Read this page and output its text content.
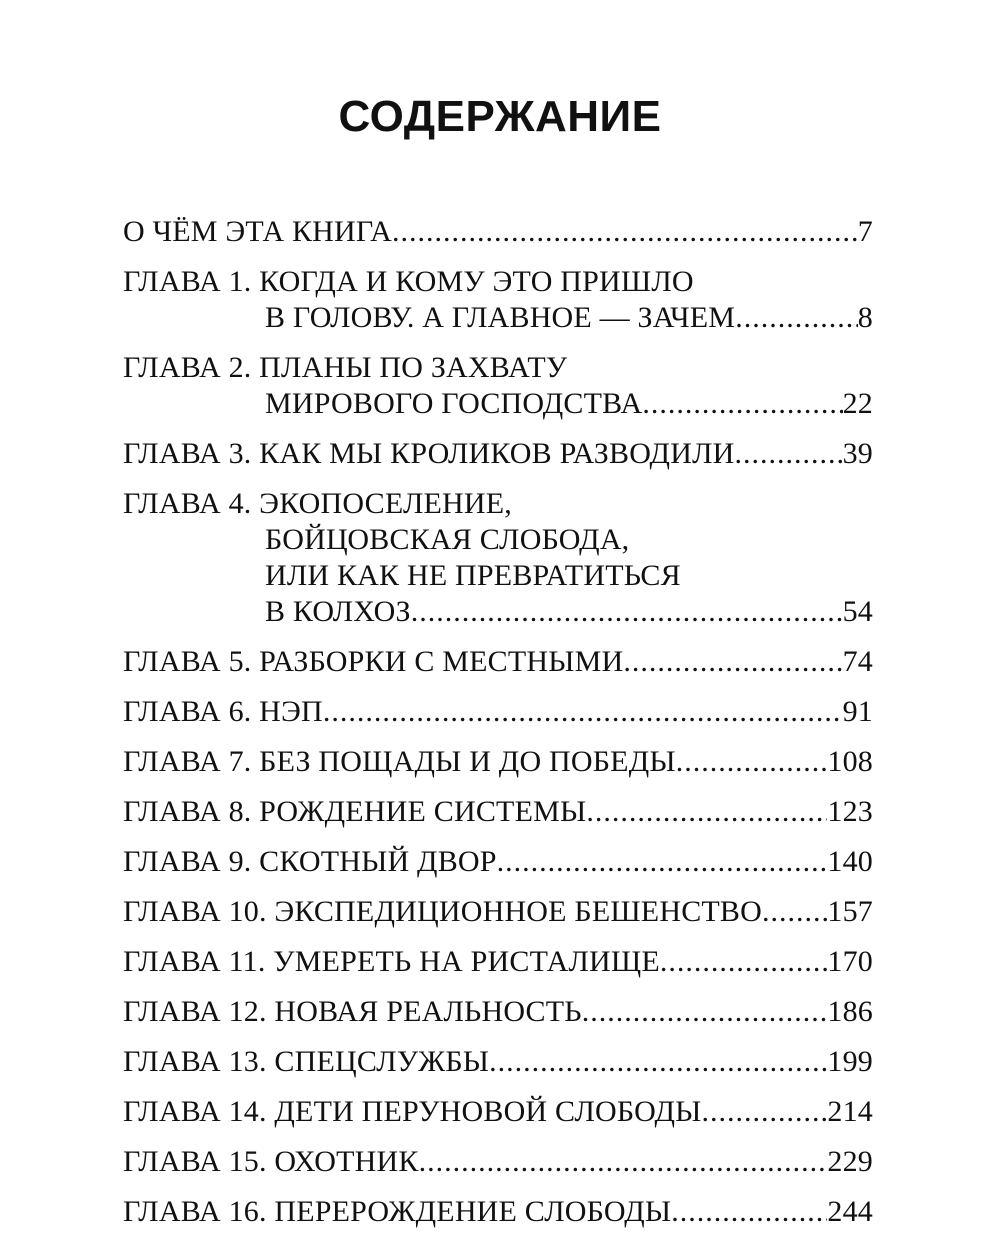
СОДЕРЖАНИЕ
О ЧЁМ ЭТА КНИГА .....	7
ГЛАВА 1. КОГДА И КОМУ ЭТО ПРИШЛО
В ГОЛОВУ. А ГЛАВНОЕ — ЗАЧЕМ .....	8
ГЛАВА 2. ПЛАНЫ ПО ЗАХВАТУ
МИРОВОГО ГОСПОДСТВА .....	22
ГЛАВА 3. КАК МЫ КРОЛИКОВ РАЗВОДИЛИ .....	39
ГЛАВА 4. ЭКОПОСЕЛЕНИЕ,
БОЙЦОВСКАЯ СЛОБОДА,
ИЛИ КАК НЕ ПРЕВРАТИТЬСЯ
В КОЛХОЗ .....	54
ГЛАВА 5. РАЗБОРКИ С МЕСТНЫМИ .....	74
ГЛАВА 6. НЭП .....	91
ГЛАВА 7. БЕЗ ПОЩАДЫ И ДО ПОБЕДЫ .....	108
ГЛАВА 8. РОЖДЕНИЕ СИСТЕМЫ .....	123
ГЛАВА 9. СКОТНЫЙ ДВОР .....	140
ГЛАВА 10. ЭКСПЕДИЦИОННОЕ БЕШЕНСТВО ..... 157
ГЛАВА 11. УМЕРЕТЬ НА РИСТАЛИЩЕ .....	170
ГЛАВА 12. НОВАЯ РЕАЛЬНОСТЬ .....	186
ГЛАВА 13. СПЕЦСЛУЖБЫ .....	199
ГЛАВА 14. ДЕТИ ПЕРУНОВОЙ СЛОБОДЫ .....	214
ГЛАВА 15. ОХОТНИК .....	229
ГЛАВА 16. ПЕРЕРОЖДЕНИЕ СЛОБОДЫ .....	244
